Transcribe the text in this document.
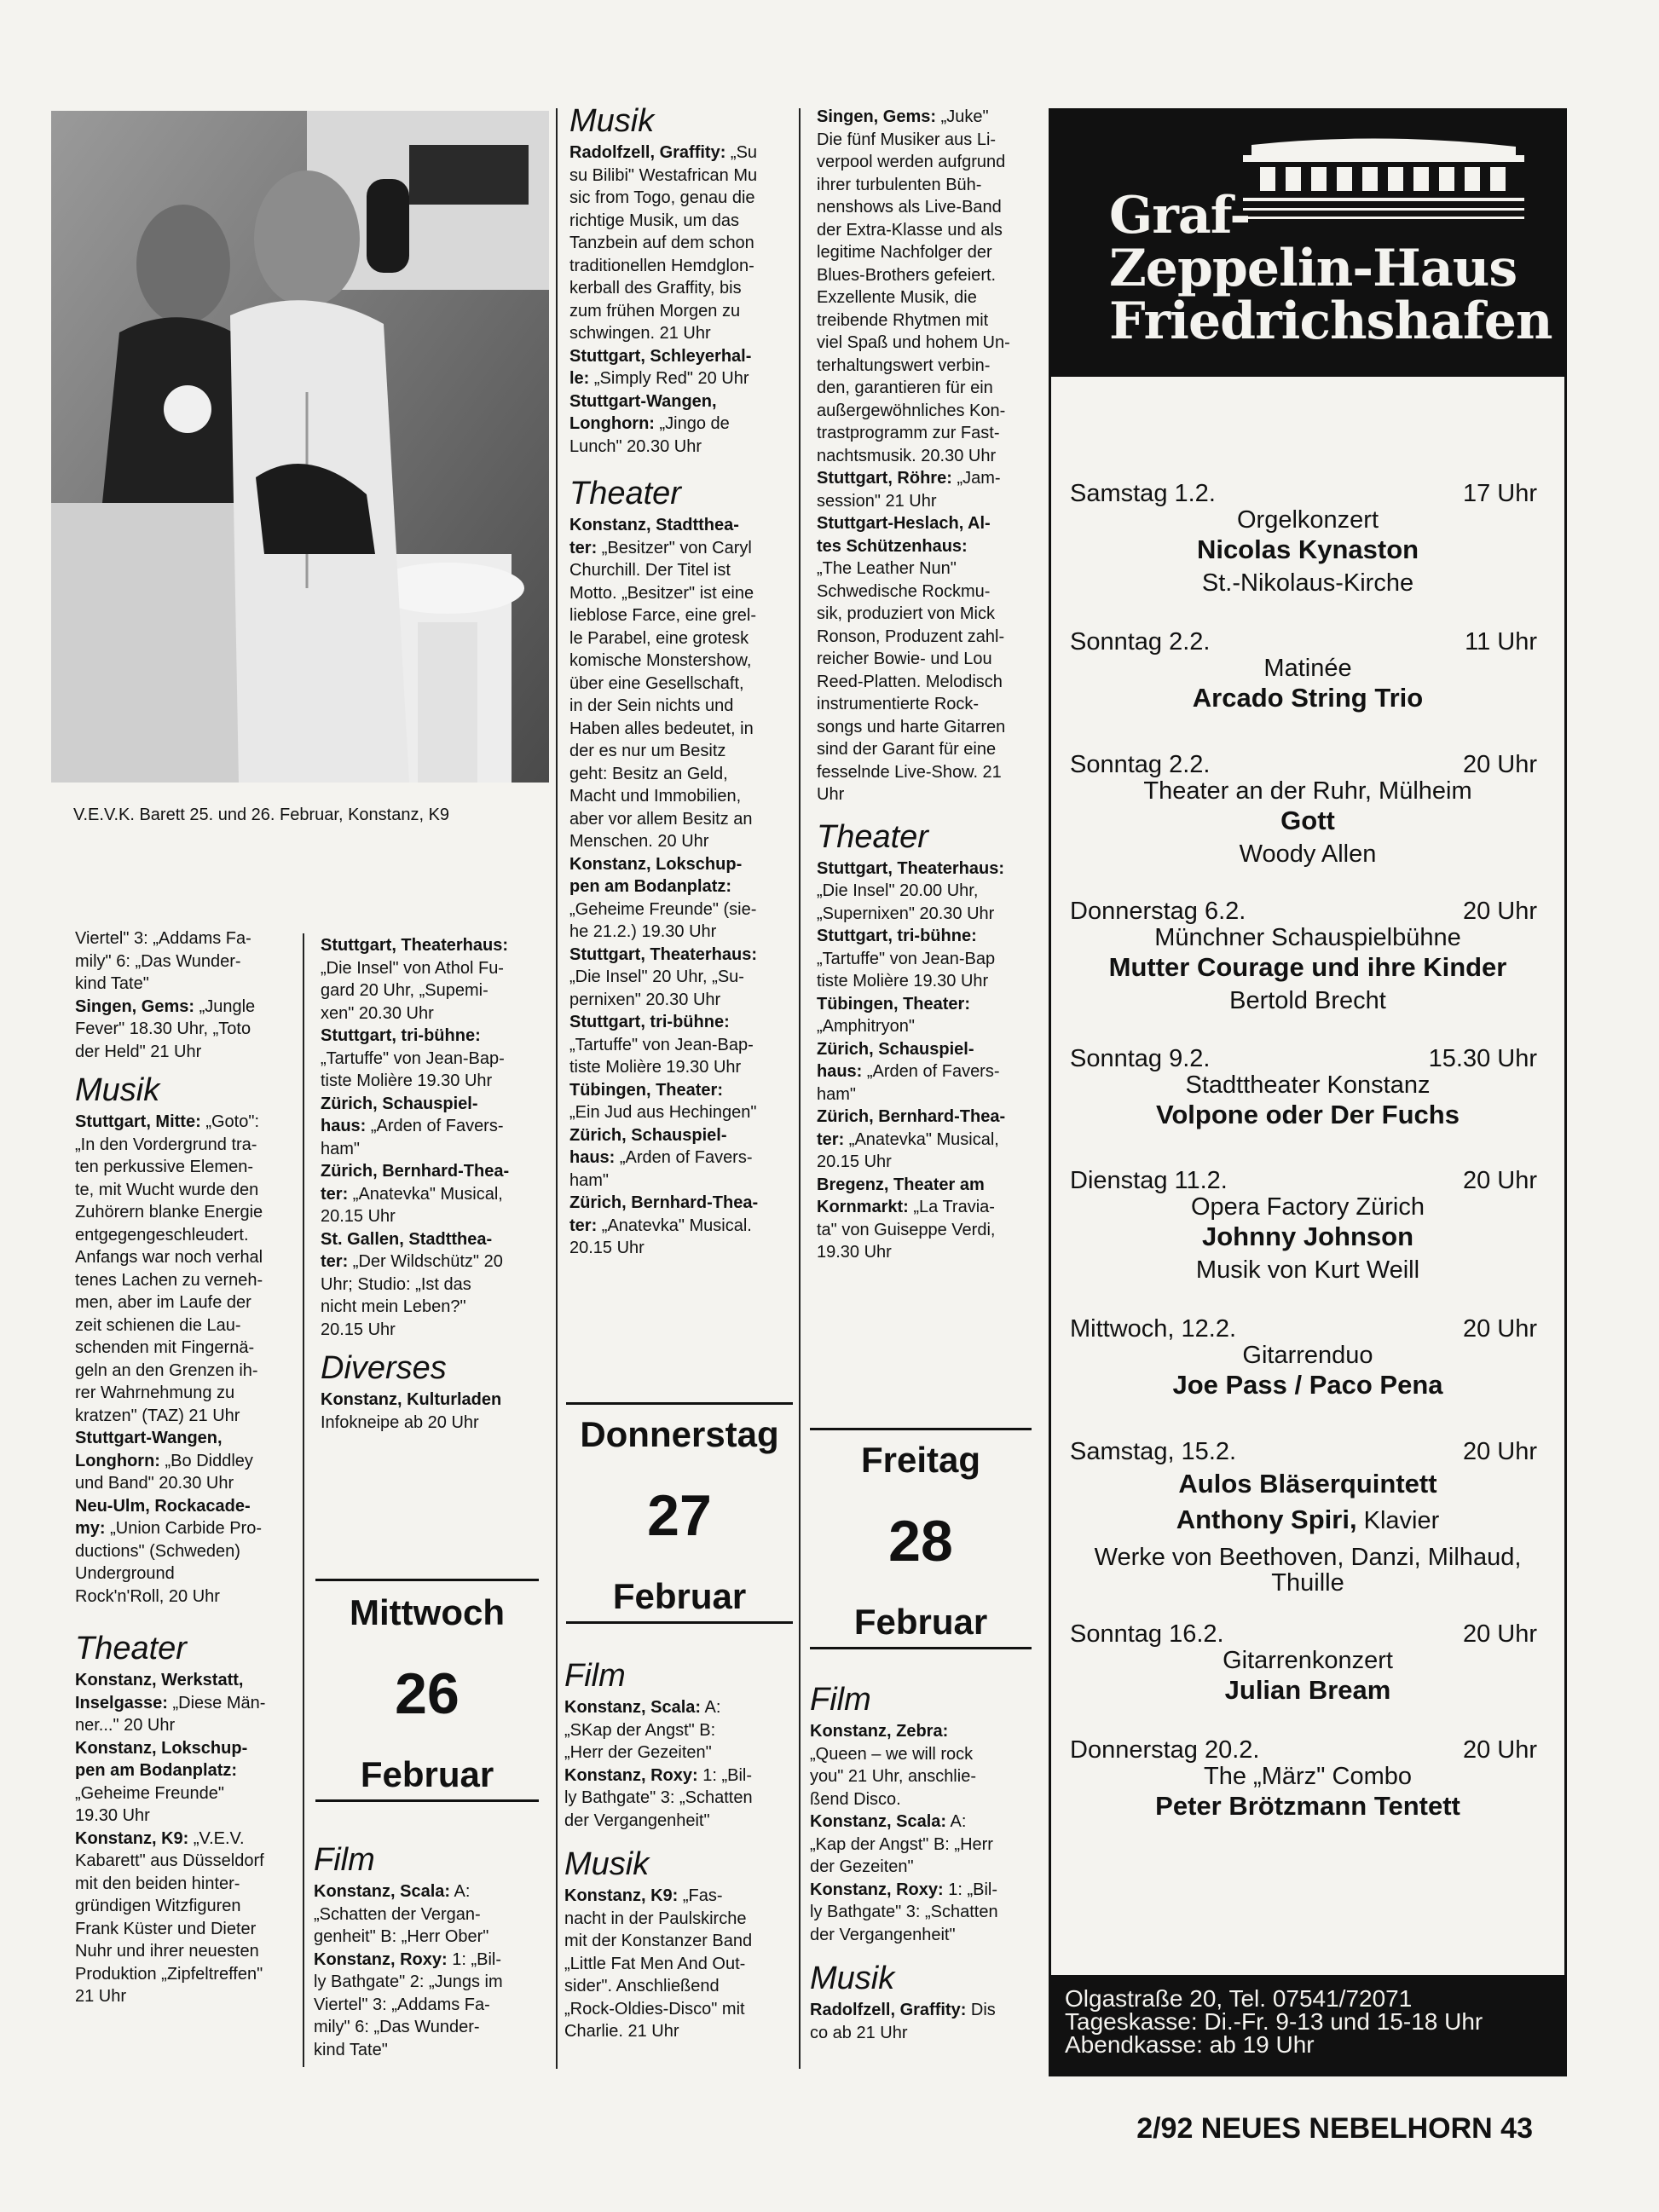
V.E.V.K. Barett 25. und 26. Februar, Konstanz, K9

Viertel" 3: „Addams Fa-
mily" 6: „Das Wunder-
kind Tate"

Singen, Gems: „Jungle
Fever" 18.30 Uhr, „Toto
der Held" 21 Uhr

Musik

Stuttgart, Mitte: „Goto":
„In den Vordergrund tra-
ten perkussive Elemen-
te, mit Wucht wurde den
Zuhörern blanke Energie
entgegengeschleudert.
Anfangs war noch verhal
tenes Lachen zu verneh-
men, aber im Laufe der
zeit schienen die Lau-
schenden mit Fingernä-
geln an den Grenzen ih-
rer Wahrnehmung zu
kratzen" (TAZ) 21 Uhr

Stuttgart-Wangen,
Longhorn: „Bo Diddley
und Band" 20.30 Uhr

Neu-Ulm, Rockacade-
my: „Union Carbide Pro-
ductions" (Schweden)
Underground
Rock'n'Roll, 20 Uhr

Theater

Konstanz, Werkstatt,
Inselgasse: „Diese Män-
ner..." 20 Uhr

Konstanz, Lokschup-
pen am Bodanplatz:
„Geheime Freunde"
19.30 Uhr

Konstanz, K9: „V.E.V.
Kabarett" aus Düsseldorf
mit den beiden hinter-
gründigen Witzfiguren
Frank Küster und Dieter
Nuhr und ihrer neuesten
Produktion „Zipfeltreffen"
21 Uhr

Stuttgart, Theaterhaus:
„Die Insel" von Athol Fu-
gard 20 Uhr, „Supemi-
xen" 20.30 Uhr

Stuttgart, tri-bühne:
„Tartuffe" von Jean-Bap-
tiste Molière 19.30 Uhr

Zürich, Schauspiel-
haus: „Arden of Favers-
ham"

Zürich, Bernhard-Thea-
ter: „Anatevka" Musical,
20.15 Uhr

St. Gallen, Stadtthea-
ter: „Der Wildschütz" 20
Uhr; Studio: „Ist das
nicht mein Leben?"
20.15 Uhr

Diverses

Konstanz, Kulturladen
Infokneipe ab 20 Uhr

Mittwoch
26
Februar
Film

Konstanz, Scala: A:
„Schatten der Vergan-
genheit" B: „Herr Ober"

Konstanz, Roxy: 1: „Bil-
ly Bathgate" 2: „Jungs im
Viertel" 3: „Addams Fa-
mily" 6: „Das Wunder-
kind Tate"

Musik

Radolfzell, Graffity: „Su
su Bilibi" Westafrican Mu
sic from Togo, genau die
richtige Musik, um das
Tanzbein auf dem schon
traditionellen Hemdglon-
kerball des Graffity, bis
zum frühen Morgen zu
schwingen. 21 Uhr

Stuttgart, Schleyerhal-
le: „Simply Red" 20 Uhr

Stuttgart-Wangen,
Longhorn: „Jingo de
Lunch" 20.30 Uhr

Theater

Konstanz, Stadtthea-
ter: „Besitzer" von Caryl
Churchill. Der Titel ist
Motto. „Besitzer" ist eine
lieblose Farce, eine grel-
le Parabel, eine grotesk
komische Monstershow,
über eine Gesellschaft,
in der Sein nichts und
Haben alles bedeutet, in
der es nur um Besitz
geht: Besitz an Geld,
Macht und Immobilien,
aber vor allem Besitz an
Menschen. 20 Uhr

Konstanz, Lokschup-
pen am Bodanplatz:
„Geheime Freunde" (sie-
he 21.2.) 19.30 Uhr

Stuttgart, Theaterhaus:
„Die Insel" 20 Uhr, „Su-
pernixen" 20.30 Uhr

Stuttgart, tri-bühne:
„Tartuffe" von Jean-Bap-
tiste Molière 19.30 Uhr

Tübingen, Theater:
„Ein Jud aus Hechingen"

Zürich, Schauspiel-
haus: „Arden of Favers-
ham"

Zürich, Bernhard-Thea-
ter: „Anatevka" Musical.
20.15 Uhr

Donnerstag
27
Februar
Film

Konstanz, Scala: A:
„SKap der Angst" B:
„Herr der Gezeiten"

Konstanz, Roxy: 1: „Bil-
ly Bathgate" 3: „Schatten
der Vergangenheit"

Musik

Konstanz, K9: „Fas-
nacht in der Paulskirche
mit der Konstanzer Band
„Little Fat Men And Out-
sider". Anschließend
„Rock-Oldies-Disco" mit
Charlie. 21 Uhr

Singen, Gems: „Juke"
Die fünf Musiker aus Li-
verpool werden aufgrund
ihrer turbulenten Büh-
nenshows als Live-Band
der Extra-Klasse und als
legitime Nachfolger der
Blues-Brothers gefeiert.
Exzellente Musik, die
treibende Rhytmen mit
viel Spaß und hohem Un-
terhaltungswert verbin-
den, garantieren für ein
außergewöhnliches Kon-
trastprogramm zur Fast-
nachtsmusik. 20.30 Uhr

Stuttgart, Röhre: „Jam-
session" 21 Uhr

Stuttgart-Heslach, Al-
tes Schützenhaus:
„The Leather Nun"
Schwedische Rockmu-
sik, produziert von Mick
Ronson, Produzent zahl-
reicher Bowie- und Lou
Reed-Platten. Melodisch
instrumentierte Rock-
songs und harte Gitarren
sind der Garant für eine
fesselnde Live-Show. 21
Uhr

Theater

Stuttgart, Theaterhaus:
„Die Insel" 20.00 Uhr,
„Supernixen" 20.30 Uhr

Stuttgart, tri-bühne:
„Tartuffe" von Jean-Bap
tiste Molière 19.30 Uhr

Tübingen, Theater:
„Amphitryon"

Zürich, Schauspiel-
haus: „Arden of Favers-
ham"

Zürich, Bernhard-Thea-
ter: „Anatevka" Musical,
20.15 Uhr

Bregenz, Theater am
Kornmarkt: „La Travia-
ta" von Guiseppe Verdi,
19.30 Uhr

Freitag
28
Februar
Film

Konstanz, Zebra:
„Queen – we will rock
you" 21 Uhr, anschlie-
ßend Disco.

Konstanz, Scala: A:
„Kap der Angst" B: „Herr
der Gezeiten"

Konstanz, Roxy: 1: „Bil-
ly Bathgate" 3: „Schatten
der Vergangenheit"

Musik

Radolfzell, Graffity: Dis
co ab 21 Uhr

Graf-
Zeppelin-Haus
Friedrichshafen
Samstag 1.2.	17 Uhr
Orgelkonzert
Nicolas Kynaston
St.-Nikolaus-Kirche
Sonntag 2.2.	11 Uhr
Matinée
Arcado String Trio
Sonntag 2.2.	20 Uhr
Theater an der Ruhr, Mülheim
Gott
Woody Allen
Donnerstag 6.2.	20 Uhr
Münchner Schauspielbühne
Mutter Courage und ihre Kinder
Bertold Brecht
Sonntag 9.2.	15.30 Uhr
Stadttheater Konstanz
Volpone oder Der Fuchs
Dienstag 11.2.	20 Uhr
Opera Factory Zürich
Johnny Johnson
Musik von Kurt Weill
Mittwoch, 12.2.	20 Uhr
Gitarrenduo
Joe Pass / Paco Pena
Samstag, 15.2.	20 Uhr
Aulos Bläserquintett
Anthony Spiri, Klavier
Werke von Beethoven, Danzi, Milhaud,
Thuille
Sonntag 16.2.	20 Uhr
Gitarrenkonzert
Julian Bream
Donnerstag 20.2.	20 Uhr
The „März" Combo
Peter Brötzmann Tentett
Olgastraße 20, Tel. 07541/72071
Tageskasse: Di.-Fr. 9-13 und 15-18 Uhr
Abendkasse: ab 19 Uhr
2/92 NEUES NEBELHORN 43
